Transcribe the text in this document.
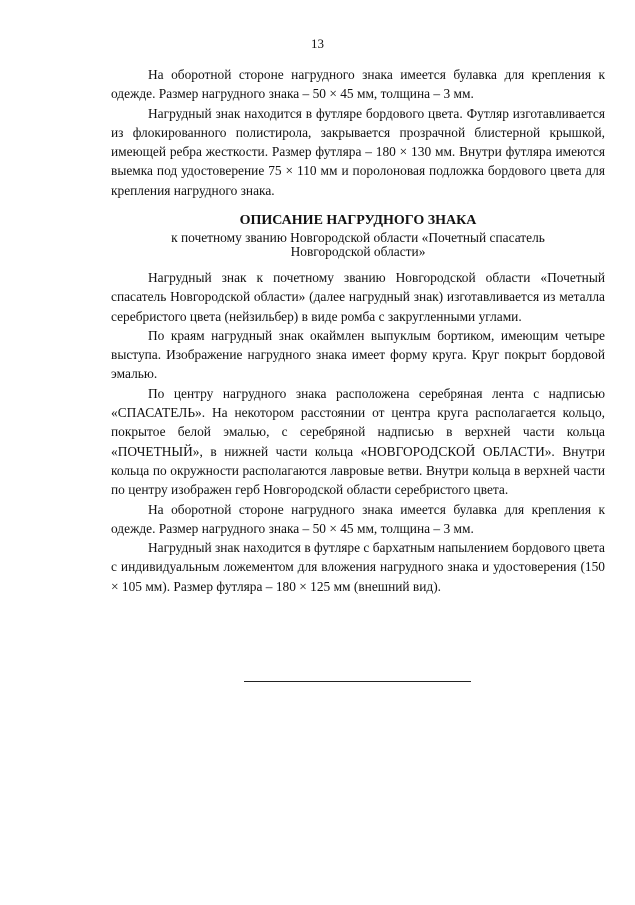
13

На оборотной стороне нагрудного знака имеется булавка для крепления к одежде. Размер нагрудного знака – 50 × 45 мм, толщина – 3 мм.

Нагрудный знак находится в футляре бордового цвета. Футляр изготавливается из флокированного полистирола, закрывается прозрачной блистерной крышкой, имеющей ребра жесткости. Размер футляра – 180 × 130 мм. Внутри футляра имеются выемка под удостоверение 75 × 110 мм и поролоновая подложка бордового цвета для крепления нагрудного знака.

ОПИСАНИЕ НАГРУДНОГО ЗНАКА
к почетному званию Новгородской области «Почетный спасатель
Новгородской области»

Нагрудный знак к почетному званию Новгородской области «Почетный спасатель Новгородской области» (далее нагрудный знак) изготавливается из металла серебристого цвета (нейзильбер) в виде ромба с закругленными углами.

По краям нагрудный знак окаймлен выпуклым бортиком, имеющим четыре выступа. Изображение нагрудного знака имеет форму круга. Круг покрыт бордовой эмалью.

По центру нагрудного знака расположена серебряная лента с надписью «СПАСАТЕЛЬ». На некотором расстоянии от центра круга располагается кольцо, покрытое белой эмалью, с серебряной надписью в верхней части кольца «ПОЧЕТНЫЙ», в нижней части кольца «НОВГОРОДСКОЙ ОБЛАСТИ». Внутри кольца по окружности располагаются лавровые ветви. Внутри кольца в верхней части по центру изображен герб Новгородской области серебристого цвета.

На оборотной стороне нагрудного знака имеется булавка для крепления к одежде. Размер нагрудного знака – 50 × 45 мм, толщина – 3 мм.

Нагрудный знак находится в футляре с бархатным напылением бордового цвета с индивидуальным ложементом для вложения нагрудного знака и удостоверения (150 × 105 мм). Размер футляра – 180 × 125 мм (внешний вид).
